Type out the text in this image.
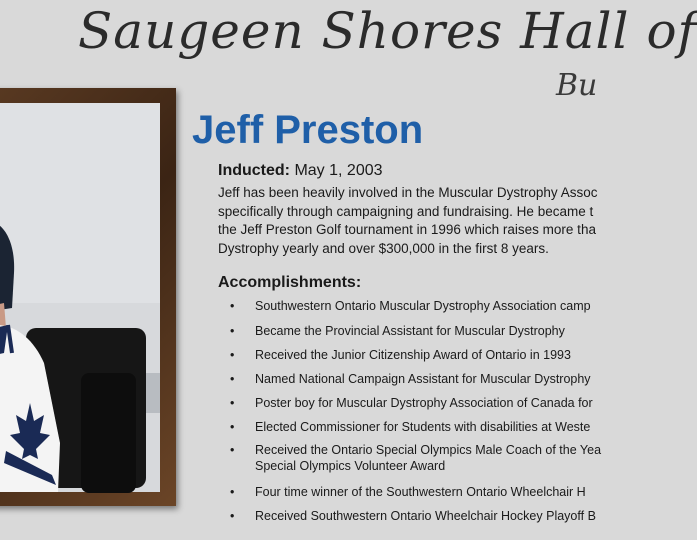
Saugeen Shores Hall of
Bu
Jeff Preston
Inducted: May 1, 2003
Jeff has been heavily involved in the Muscular Dystrophy Assoc
specifically through campaigning and fundraising. He became t
the Jeff Preston Golf tournament in 1996 which raises more tha
Dystrophy yearly and over $300,000 in the first 8 years.
Accomplishments:
• Southwestern Ontario Muscular Dystrophy Association camp
• Became the Provincial Assistant for Muscular Dystrophy
• Received the Junior Citizenship Award of Ontario in 1993
• Named National Campaign Assistant for Muscular Dystrophy
• Poster boy for Muscular Dystrophy Association of Canada for
• Elected Commissioner for Students with disabilities at Weste
• Received the Ontario Special Olympics Male Coach of the Yea
Special Olympics Volunteer Award
• Four time winner of the Southwestern Ontario Wheelchair H
• Received Southwestern Ontario Wheelchair Hockey Playoff B
